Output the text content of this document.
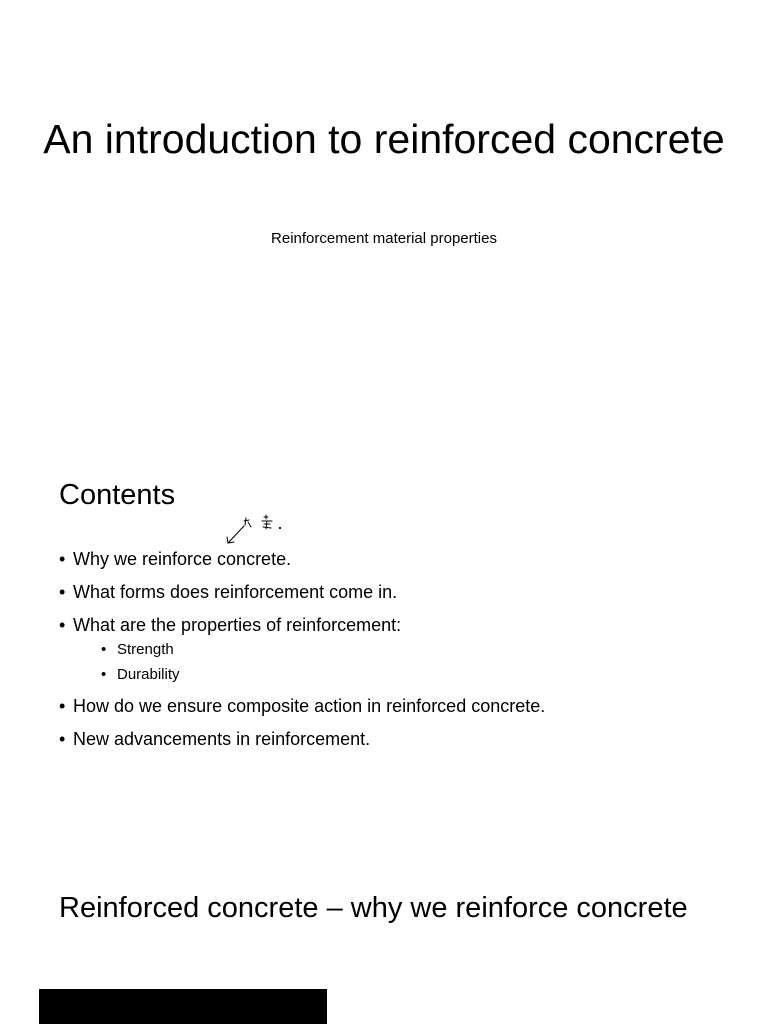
An introduction to reinforced concrete
Reinforcement material properties
Contents
• Why we reinforce concrete.
• What forms does reinforcement come in.
• What are the properties of reinforcement:
• Strength
• Durability
• How do we ensure composite action in reinforced concrete.
• New advancements in reinforcement.
Reinforced concrete – why we reinforce concrete
